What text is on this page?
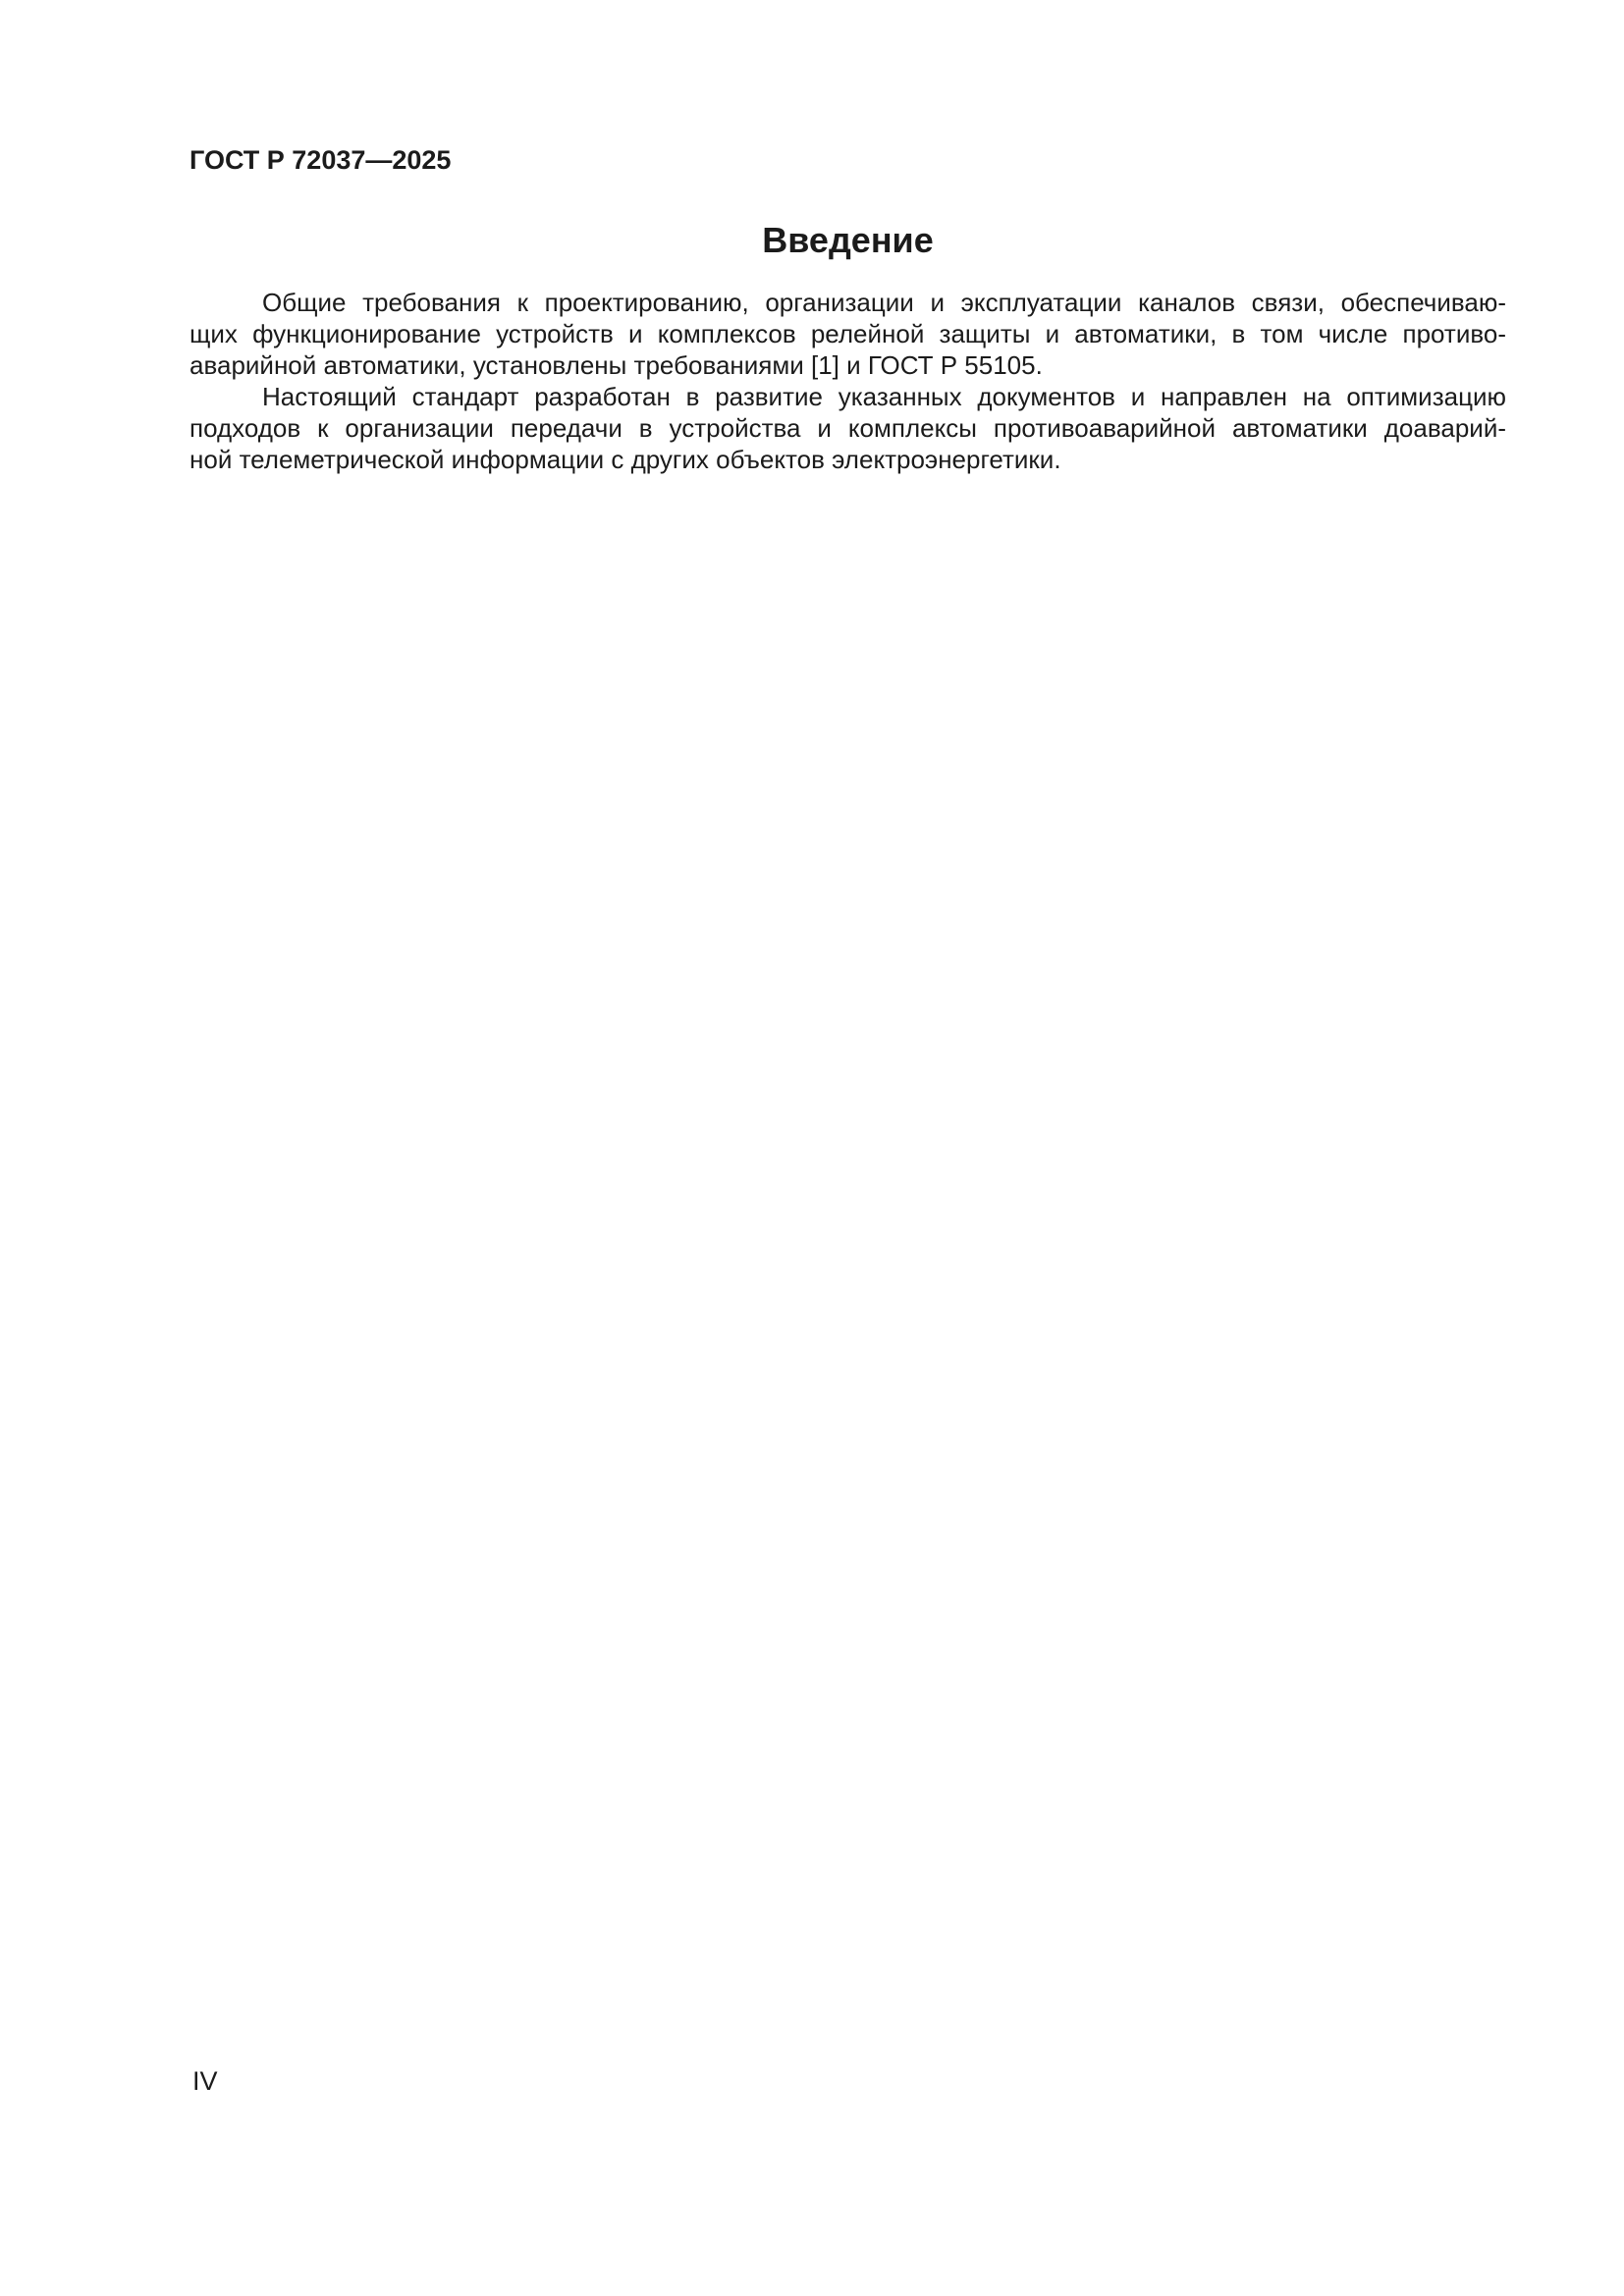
ГОСТ Р 72037—2025
Введение
Общие требования к проектированию, организации и эксплуатации каналов связи, обеспечиваю-
щих функционирование устройств и комплексов релейной защиты и автоматики, в том числе противо-
аварийной автоматики, установлены требованиями [1] и ГОСТ Р 55105.
Настоящий стандарт разработан в развитие указанных документов и направлен на оптимизацию
подходов к организации передачи в устройства и комплексы противоаварийной автоматики доаварий-
ной телеметрической информации с других объектов электроэнергетики.
IV
